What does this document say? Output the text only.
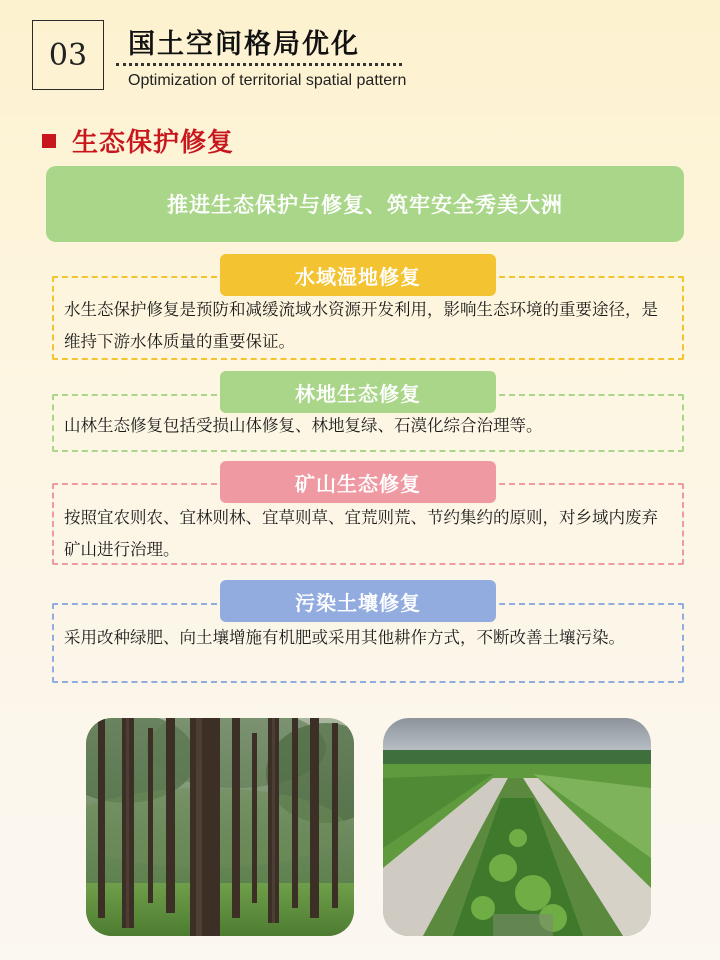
03 国土空间格局优化
Optimization of territorial spatial pattern
生态保护修复
推进生态保护与修复、筑牢安全秀美大洲
水生态保护修复是预防和减缓流域水资源开发利用，影响生态环境的重要途径，是维持下游水体质量的重要保证。
水域湿地修复
山林生态修复包括受损山体修复、林地复绿、石漠化综合治理等。
林地生态修复
按照宜农则农、宜林则林、宜草则草、宜荒则荒、节约集约的原则，对乡域内废弃矿山进行治理。
矿山生态修复
采用改种绿肥、向土壤增施有机肥或采用其他耕作方式，不断改善土壤污染。
污染土壤修复
